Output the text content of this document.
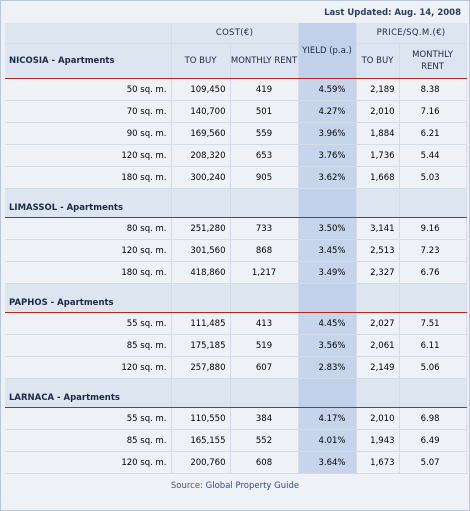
Last Updated: Aug. 14, 2008
	COST(€)		YIELD (p.a.)	PRICE/SQ.M.(€)	
NICOSIA - Apartments	TO BUY	MONTHLY RENT		TO BUY	MONTHLY RENT
50 sq. m.	109,450	419	4.59%	2,189	8.38
70 sq. m.	140,700	501	4.27%	2,010	7.16
90 sq. m.	169,560	559	3.96%	1,884	6.21
120 sq. m.	208,320	653	3.76%	1,736	5.44
180 sq. m.	300,240	905	3.62%	1,668	5.03
LIMASSOL - Apartments					
80 sq. m.	251,280	733	3.50%	3,141	9.16
120 sq. m.	301,560	868	3.45%	2,513	7.23
180 sq. m.	418,860	1,217	3.49%	2,327	6.76
PAPHOS - Apartments					
55 sq. m.	111,485	413	4.45%	2,027	7.51
85 sq. m.	175,185	519	3.56%	2,061	6.11
120 sq. m.	257,880	607	2.83%	2,149	5.06
LARNACA - Apartments					
55 sq. m.	110,550	384	4.17%	2,010	6.98
85 sq. m.	165,155	552	4.01%	1,943	6.49
120 sq. m.	200,760	608	3.64%	1,673	5.07
Source: Global Property Guide
